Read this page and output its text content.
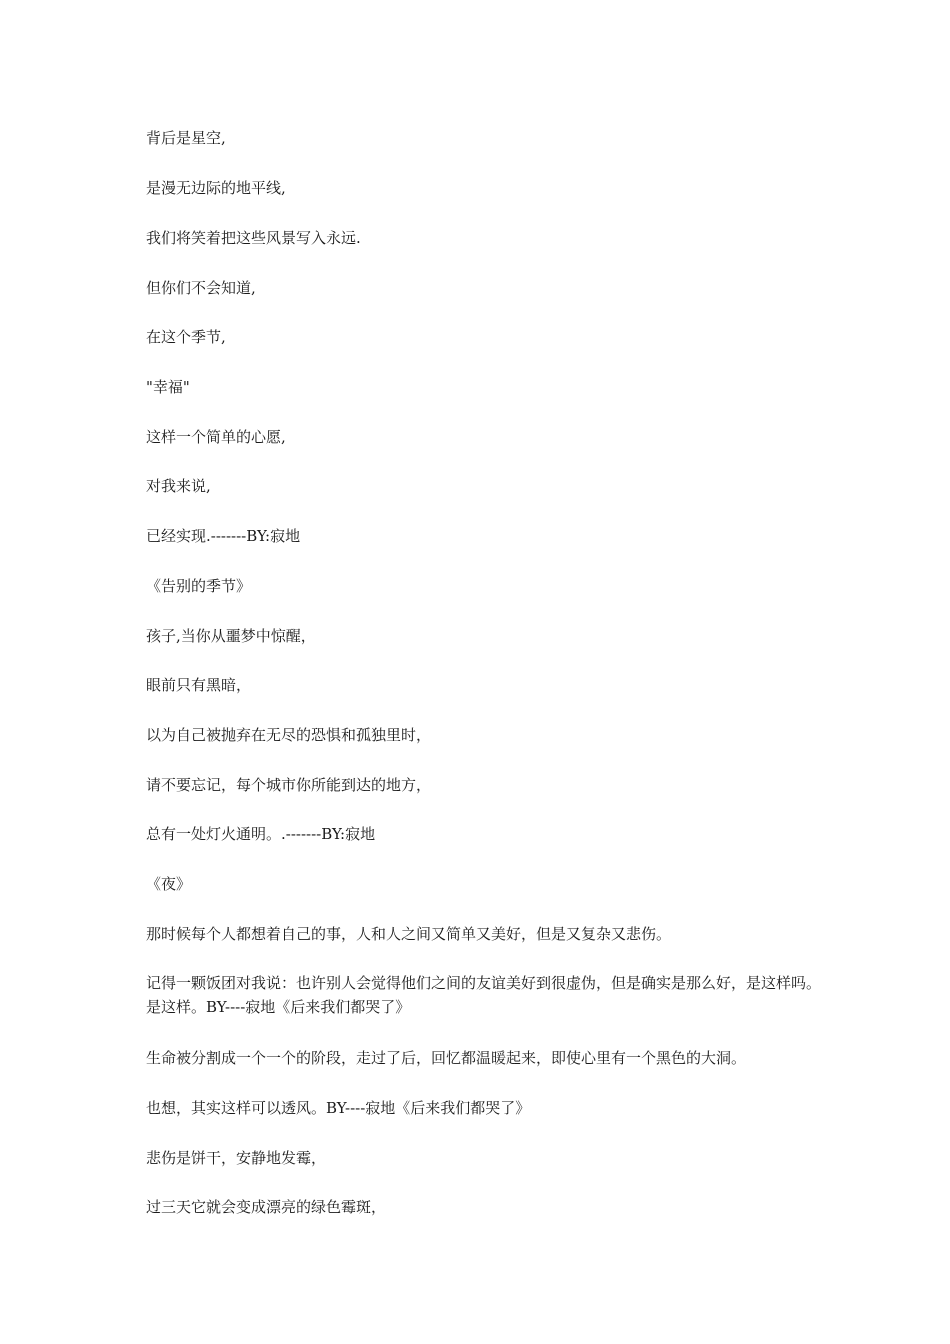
背后是星空,

是漫无边际的地平线,

我们将笑着把这些风景写入永远.

但你们不会知道,

在这个季节,

"幸福"

这样一个简单的心愿,

对我来说,

已经实现.-------BY:寂地

《告别的季节》

孩子,当你从噩梦中惊醒，

眼前只有黑暗，

以为自己被抛弃在无尽的恐惧和孤独里时，

请不要忘记，每个城市你所能到达的地方，

总有一处灯火通明。.-------BY:寂地

《夜》

那时候每个人都想着自己的事，人和人之间又简单又美好，但是又复杂又悲伤。

记得一颗饭团对我说：也许别人会觉得他们之间的友谊美好到很虚伪，但是确实是那么好，是这样吗。是这样。BY----寂地《后来我们都哭了》

生命被分割成一个一个的阶段，走过了后，回忆都温暖起来，即使心里有一个黑色的大洞。

也想，其实这样可以透风。BY----寂地《后来我们都哭了》

悲伤是饼干，安静地发霉，

过三天它就会变成漂亮的绿色霉斑，
